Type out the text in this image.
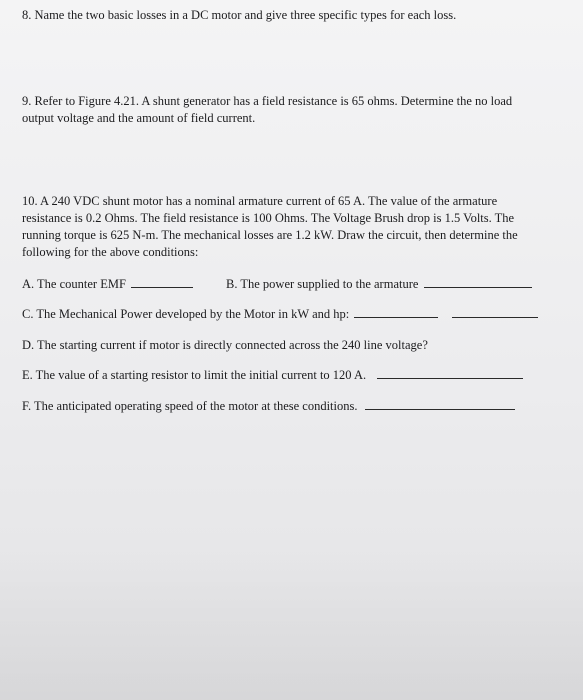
8. Name the two basic losses in a DC motor and give three specific types for each loss.

9. Refer to Figure 4.21. A shunt generator has a field resistance is 65 ohms. Determine the no load

output voltage and the amount of field current.

10. A 240 VDC shunt motor has a nominal armature current of 65 A. The value of the armature

resistance is 0.2 Ohms. The field resistance is 100 Ohms. The Voltage Brush drop is 1.5 Volts. The

running torque is 625 N-m. The mechanical losses are 1.2 kW. Draw the circuit, then determine the

following for the above conditions:

A. The counter EMF	B. The power supplied to the armature

C. The Mechanical Power developed by the Motor in kW and hp:

D. The starting current if motor is directly connected across the 240 line voltage?

E. The value of a starting resistor to limit the initial current to 120 A.

F. The anticipated operating speed of the motor at these conditions.
